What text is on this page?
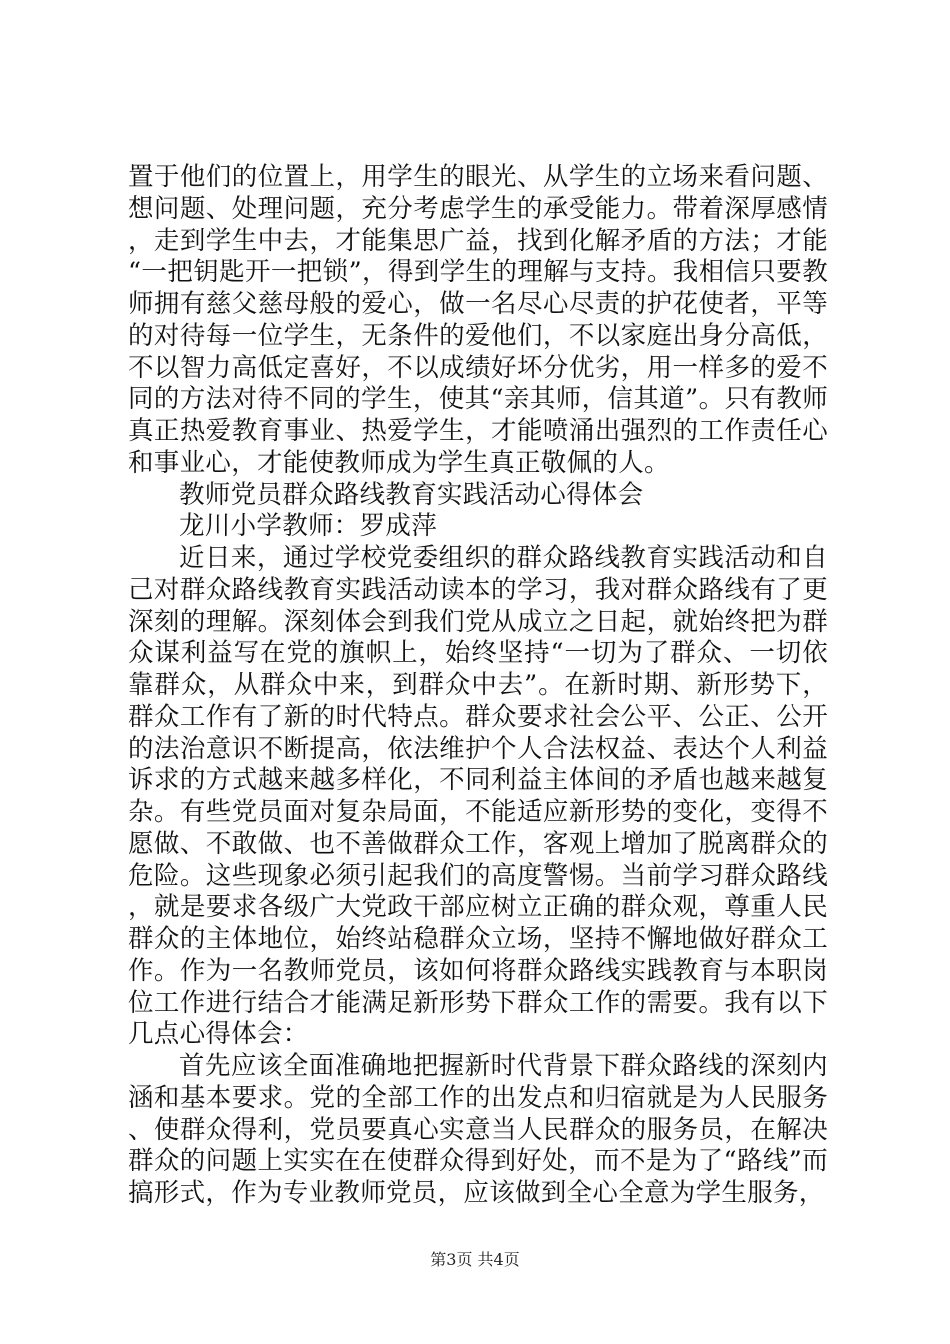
置于他们的位置上，用学生的眼光、从学生的立场来看问题、想问题、处理问题，充分考虑学生的承受能力。带着深厚感情，走到学生中去，才能集思广益，找到化解矛盾的方法；才能“一把钥匙开一把锁”，得到学生的理解与支持。我相信只要教师拥有慈父慈母般的爱心，做一名尽心尽责的护花使者，平等的对待每一位学生，无条件的爱他们，不以家庭出身分高低，不以智力高低定喜好，不以成绩好坏分优劣，用一样多的爱不同的方法对待不同的学生，使其“亲其师，信其道”。只有教师真正热爱教育事业、热爱学生，才能喷涌出强烈的工作责任心和事业心，才能使教师成为学生真正敬佩的人。

教师党员群众路线教育实践活动心得体会

龙川小学教师：罗成萍

近日来，通过学校党委组织的群众路线教育实践活动和自己对群众路线教育实践活动读本的学习，我对群众路线有了更深刻的理解。深刻体会到我们党从成立之日起，就始终把为群众谋利益写在党的旗帜上，始终坚持“一切为了群众、一切依靠群众，从群众中来，到群众中去”。在新时期、新形势下，群众工作有了新的时代特点。群众要求社会公平、公正、公开的法治意识不断提高，依法维护个人合法权益、表达个人利益诉求的方式越来越多样化，不同利益主体间的矛盾也越来越复杂。有些党员面对复杂局面，不能适应新形势的变化，变得不愿做、不敢做、也不善做群众工作，客观上增加了脱离群众的危险。这些现象必须引起我们的高度警惕。当前学习群众路线，就是要求各级广大党政干部应树立正确的群众观，尊重人民群众的主体地位，始终站稳群众立场，坚持不懈地做好群众工作。作为一名教师党员，该如何将群众路线实践教育与本职岗位工作进行结合才能满足新形势下群众工作的需要。我有以下几点心得体会：

首先应该全面准确地把握新时代背景下群众路线的深刻内涵和基本要求。党的全部工作的出发点和归宿就是为人民服务、使群众得利，党员要真心实意当人民群众的服务员，在解决群众的问题上实实在在使群众得到好处，而不是为了“路线”而搞形式，作为专业教师党员，应该做到全心全意为学生服务，

第3页 共4页
